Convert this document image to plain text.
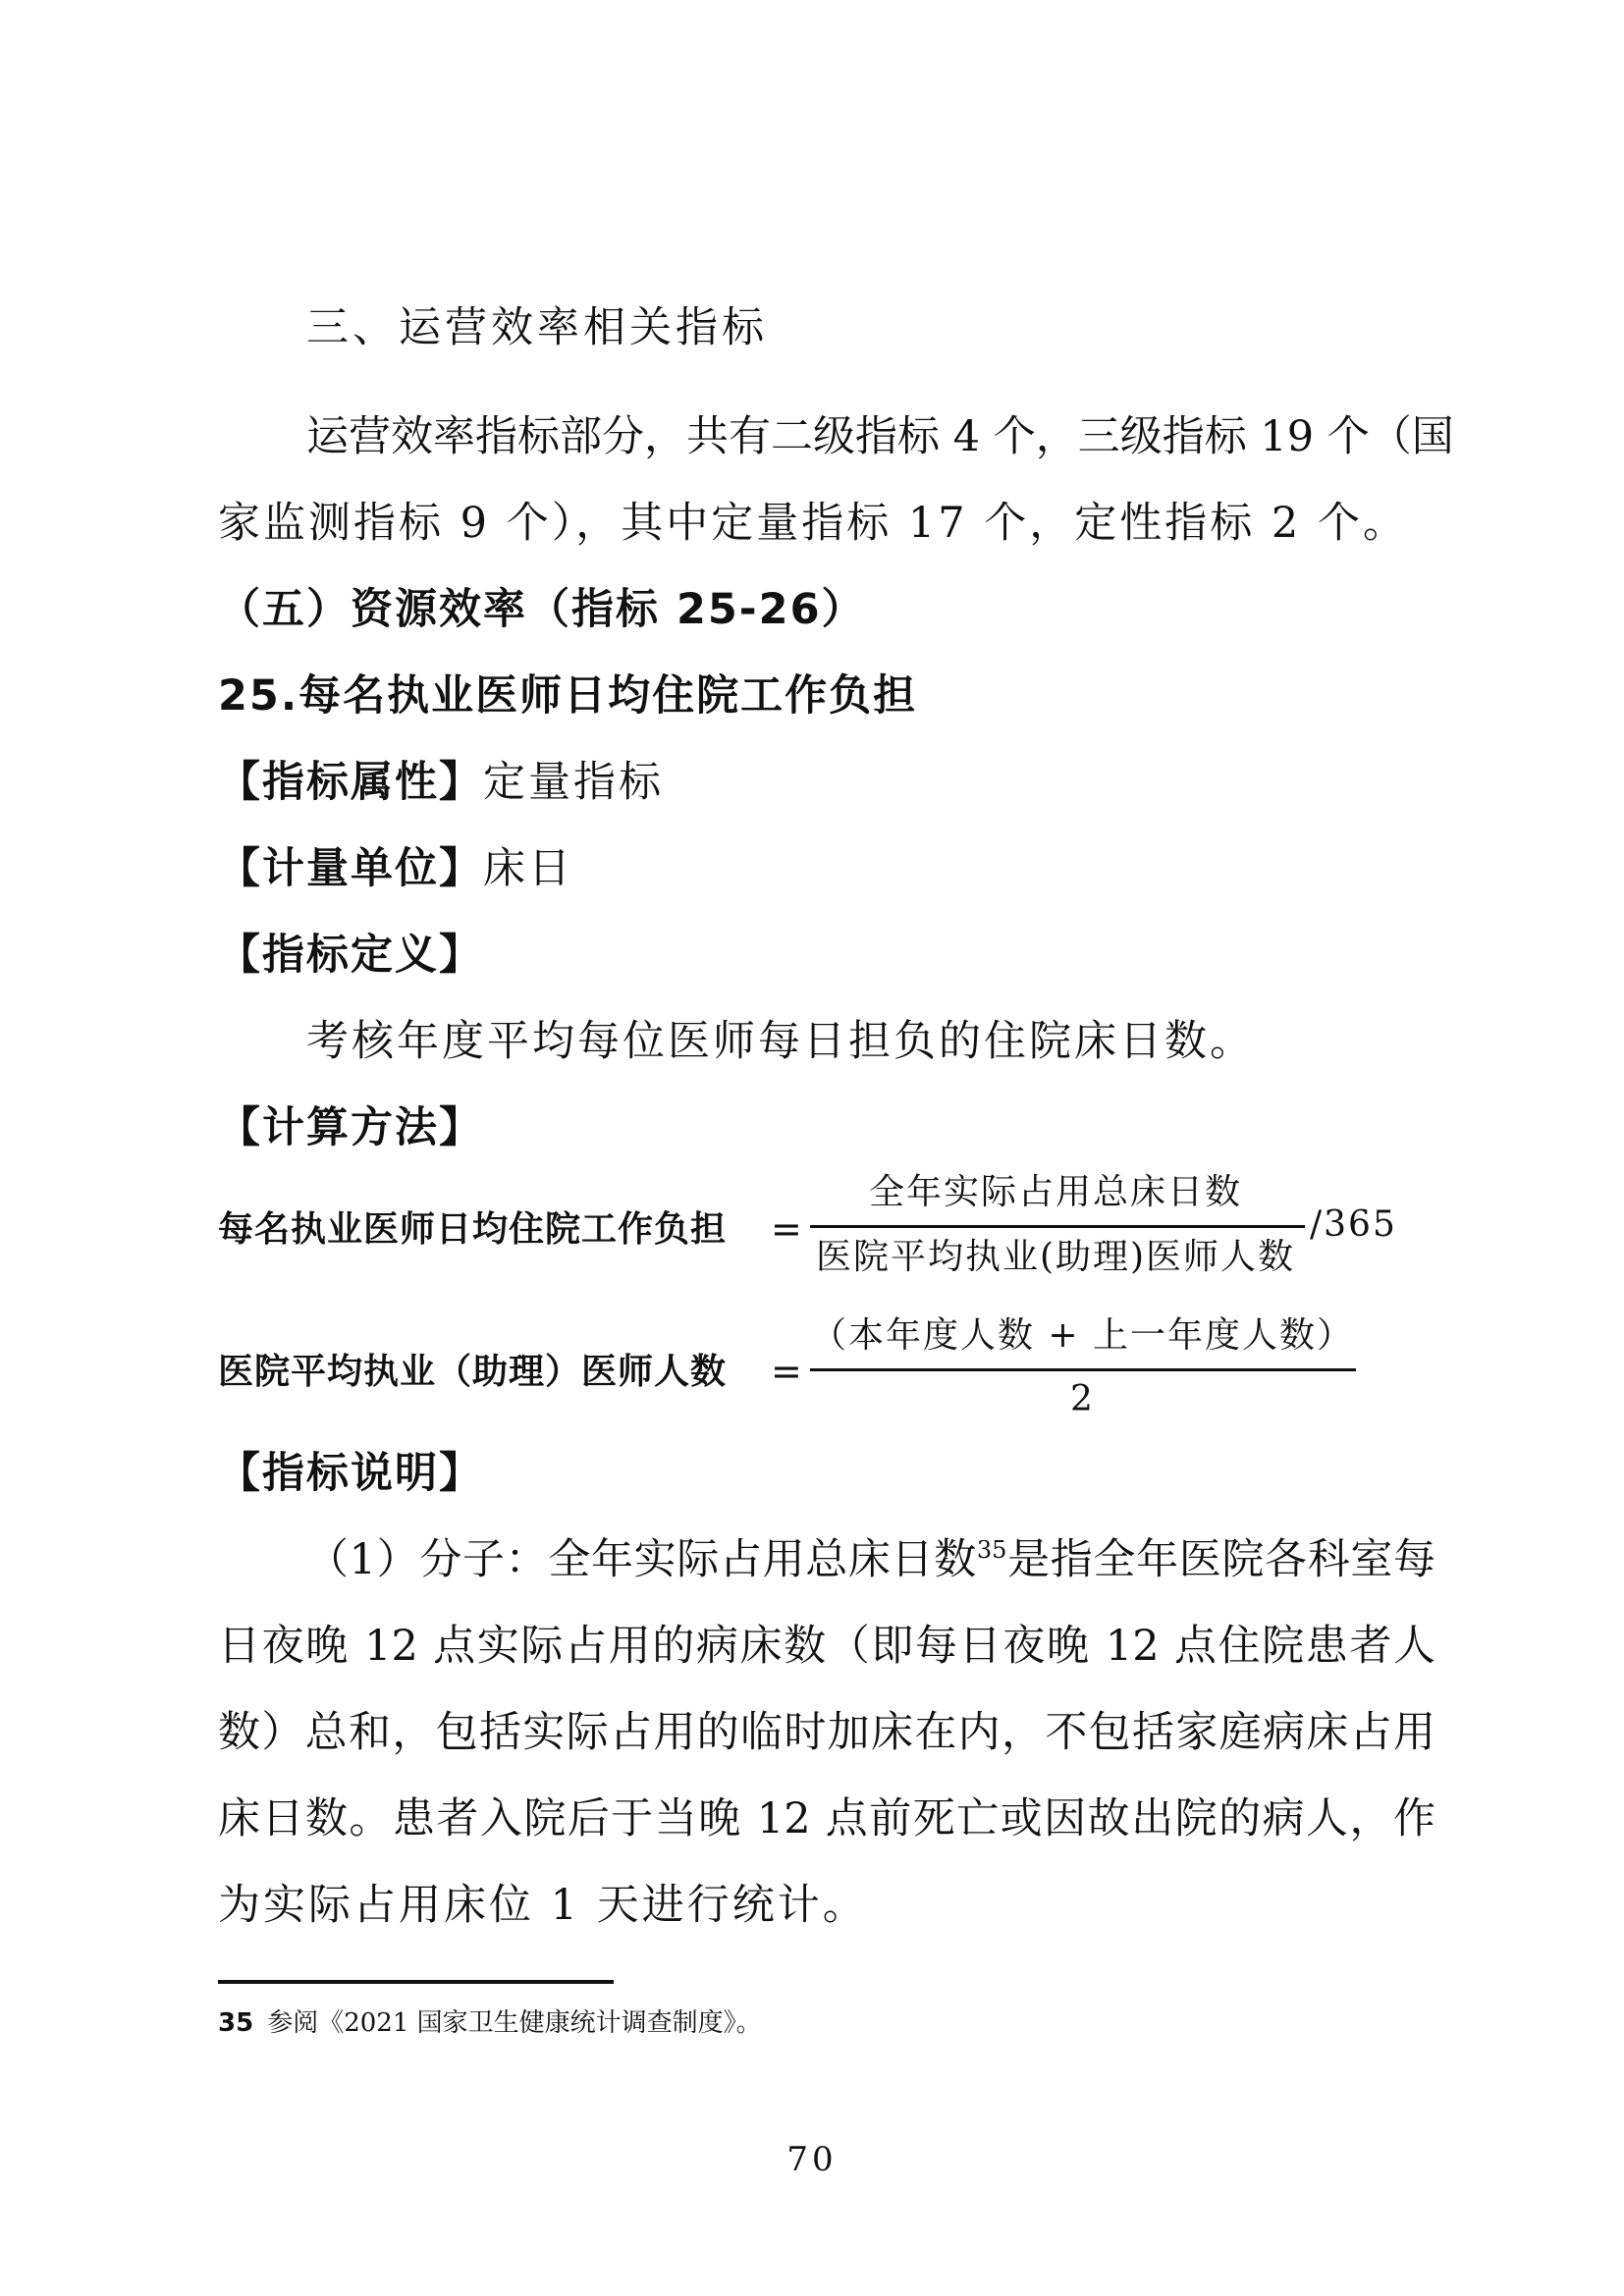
三、运营效率相关指标
运营效率指标部分，共有二级指标 4 个，三级指标 19 个（国
家监测指标 9 个），其中定量指标 17 个，定性指标 2 个。
（五）资源效率（指标 25-26）
25.每名执业医师日均住院工作负担
【指标属性】定量指标
【计量单位】床日
【指标定义】
考核年度平均每位医师每日担负的住院床日数。
【计算方法】
每名执业医师日均住院工作负担 =
全年实际占用总床日数
医院平均执业(助理)医师人数
/365
医院平均执业（助理）医师人数 =
（本年度人数 + 上一年度人数）
2
【指标说明】
（1）分子：全年实际占用总床日数$^{35}$是指全年医院各科室每
日夜晚 12 点实际占用的病床数（即每日夜晚 12 点住院患者人
数）总和，包括实际占用的临时加床在内，不包括家庭病床占用
床日数。患者入院后于当晚 12 点前死亡或因故出院的病人，作
为实际占用床位 1 天进行统计。
35 参阅《2021 国家卫生健康统计调查制度》。
70
